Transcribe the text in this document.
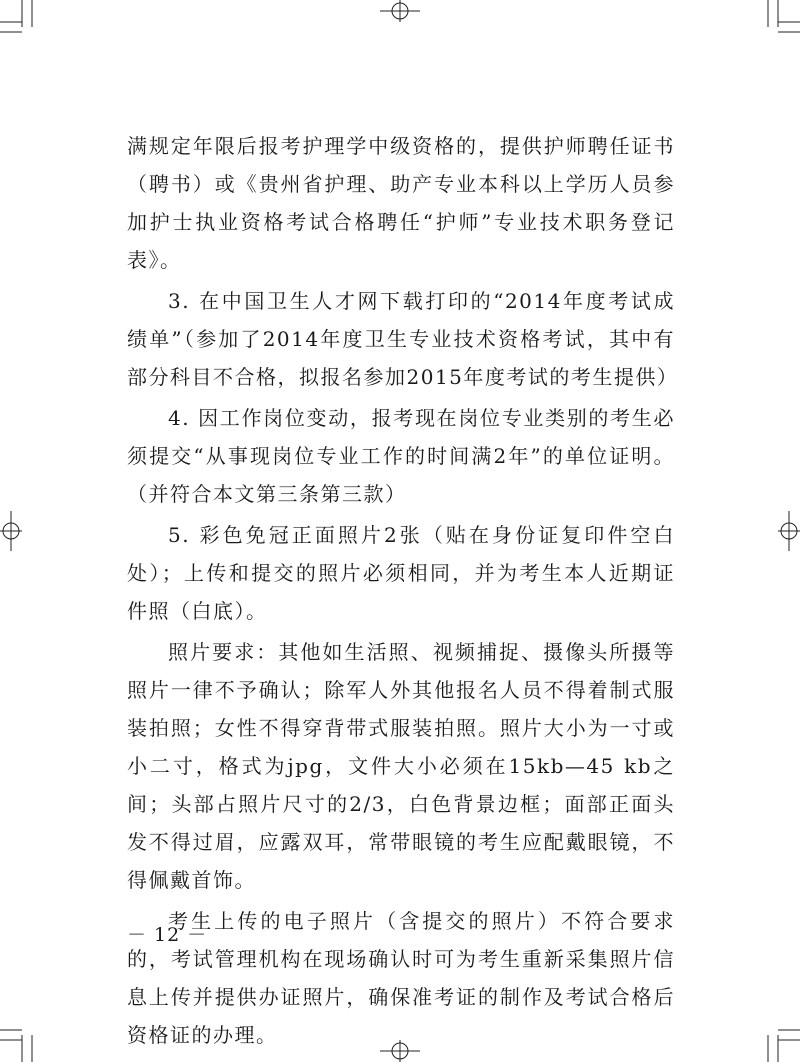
满规定年限后报考护理学中级资格的，提供护师聘任证书（聘书）或《贵州省护理、助产专业本科以上学历人员参加护士执业资格考试合格聘任“护师”专业技术职务登记表》。

3. 在中国卫生人才网下载打印的“2014年度考试成绩单”（参加了2014年度卫生专业技术资格考试，其中有部分科目不合格，拟报名参加2015年度考试的考生提供）

4. 因工作岗位变动，报考现在岗位专业类别的考生必须提交“从事现岗位专业工作的时间满2年”的单位证明。（并符合本文第三条第三款）

5. 彩色免冠正面照片2张（贴在身份证复印件空白处）；上传和提交的照片必须相同，并为考生本人近期证件照（白底）。

照片要求：其他如生活照、视频捕捉、摄像头所摄等照片一律不予确认；除军人外其他报名人员不得着制式服装拍照；女性不得穿背带式服装拍照。照片大小为一寸或小二寸，格式为jpg，文件大小必须在15kb—45 kb之间；头部占照片尺寸的2/3，白色背景边框；面部正面头发不得过眉，应露双耳，常带眼镜的考生应配戴眼镜，不得佩戴首饰。

考生上传的电子照片（含提交的照片）不符合要求的，考试管理机构在现场确认时可为考生重新采集照片信息上传并提供办证照片，确保准考证的制作及考试合格后资格证的办理。

－ 12 －
